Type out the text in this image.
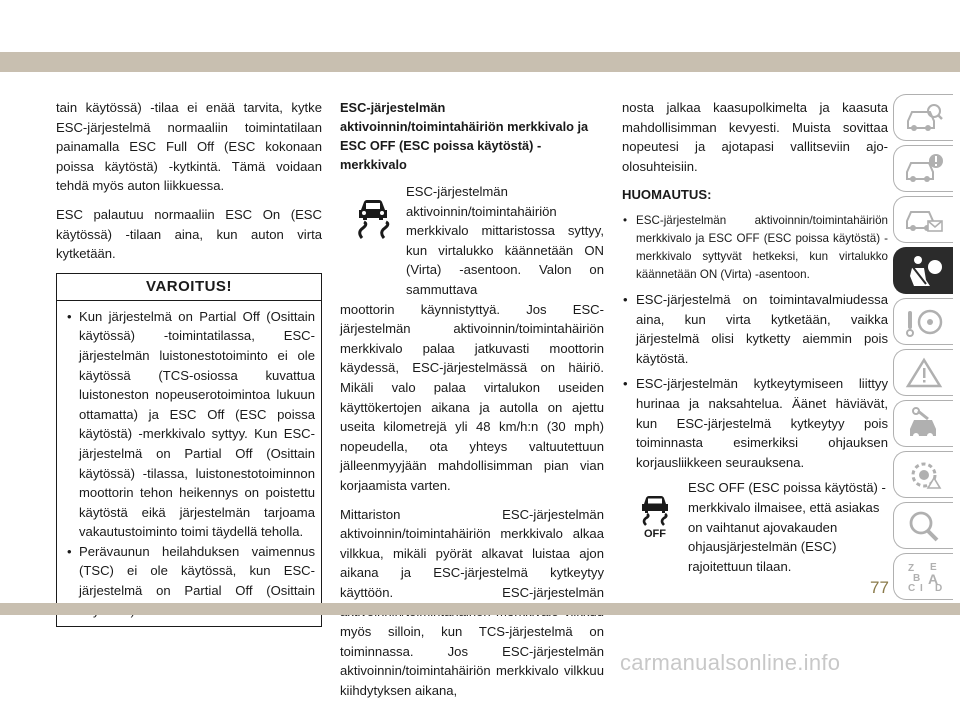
tain käytössä) -tilaa ei enää tarvita, kytke ESC-järjestelmä normaaliin toimintatilaan painamalla ESC Full Off (ESC kokonaan poissa käytöstä) -kytkintä. Tämä voidaan tehdä myös auton liikkuessa.

ESC palautuu normaaliin ESC On (ESC käytössä) -tilaan aina, kun auton virta kytketään.

VAROITUS!
• Kun järjestelmä on Partial Off (Osittain käytössä) -toimintatilassa, ESC-järjestelmän luistonestotoiminto ei ole käytössä (TCS-osiossa kuvattua luistoneston nopeuserotoimintoa lukuun ottamatta) ja ESC Off (ESC poissa käytöstä) -merkkivalo syttyy. Kun ESC-järjestelmä on Partial Off (Osittain käytössä) -tilassa, luistonestotoiminnon moottorin tehon heikennys on poistettu käytöstä eikä järjestelmän tarjoama vakautustoiminto toimi täydellä teholla.
• Perävaunun heilahduksen vaimennus (TSC) ei ole käytössä, kun ESC-järjestelmä on Partial Off (Osittain
ESC-järjestelmän aktivoinnin/toimintahäiriön merkkivalo ja ESC OFF (ESC poissa käytöstä) -merkkivalo
ESC-järjestelmän aktivoinnin/toimintahäiriön merkkivalo mittaristossa syttyy, kun virtalukko käännetään ON (Virta) -asentoon. Valon on sammuttava

moottorin käynnistyttyä. Jos ESC-järjestelmän aktivoinnin/toimintahäiriön merkkivalo palaa jatkuvasti moottorin käydessä, ESC-järjestelmässä on häiriö. Mikäli valo palaa virtalukon useiden käyttökertojen aikana ja autolla on ajettu useita kilometrejä yli 48 km/h:n (30 mph) nopeudella, ota yhteys valtuutettuun jälleenmyyjään mahdollisimman pian vian korjaamista varten.

Mittariston ESC-järjestelmän aktivoinnin/toimintahäiriön merkkivalo alkaa vilkkua, mikäli pyörät alkavat luistaa ajon aikana ja ESC-järjestelmä kytkeytyy käyttöön. ESC-järjestelmän myös silloin, kun TCS-järjestelmä on toiminnassa. Jos ESC-järjestelmän aktivoinnin/toimintahäiriön merkkivalo vilkkuu kiihdytyksen aikana,

nosta jalkaa kaasupolkimelta ja kaasuta mahdollisimman kevyesti. Muista sovittaa nopeutesi ja ajotapasi vallitseviin ajo-olosuhteisiin.

HUOMAUTUS:
• ESC-järjestelmän aktivoinnin/toimintahäiriön merkkivalo ja ESC OFF (ESC poissa käytöstä) -merkkivalo syttyvät hetkeksi, kun virtalukko käännetään ON (Virta) -asentoon.
• ESC-järjestelmä on toimintavalmiudessa aina, kun virta kytketään, vaikka järjestelmä olisi kytketty aiemmin pois käytöstä.
• ESC-järjestelmän kytkeytymiseen liittyy hurinaa ja naksahtelua. Äänet häviävät, kun ESC-järjestelmä kytkeytyy pois toiminnasta esimerkiksi ohjauksen korjausliikkeen seurauksena.
OFF
ESC OFF (ESC poissa käytöstä) -merkkivalo ilmaisee, että asiakas on vaihtanut ajovakauden ohjausjärjestelmän (ESC) rajoitettuun tilaan.	Z E
B
C
A
I D
77
carmanualsonline.info
